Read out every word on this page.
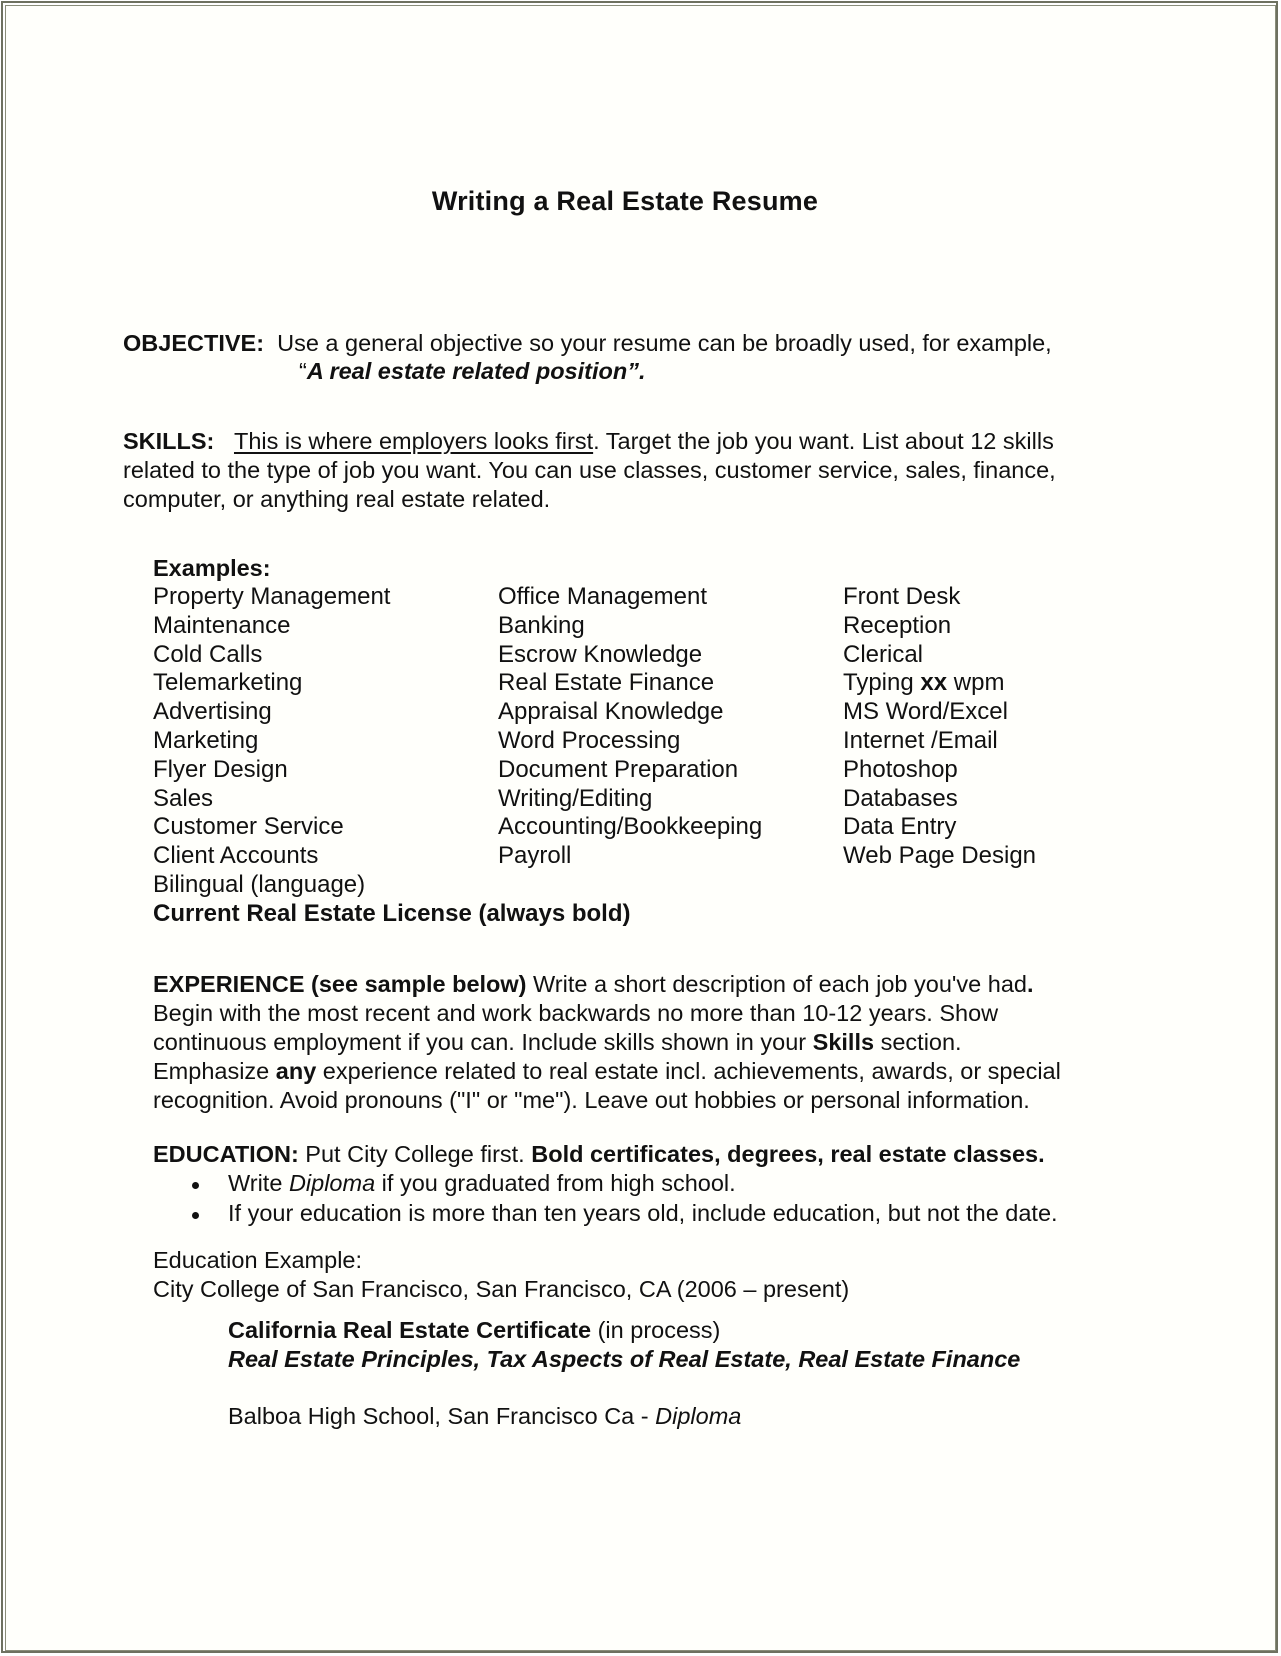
Writing a Real Estate Resume
OBJECTIVE: Use a general objective so your resume can be broadly used, for example,
“A real estate related position”.
SKILLS: This is where employers looks first. Target the job you want. List about 12 skills
related to the type of job you want. You can use classes, customer service, sales, finance,
computer, or anything real estate related.
Examples:
Property Management
Maintenance
Cold Calls
Telemarketing
Advertising
Marketing
Flyer Design
Sales
Customer Service
Client Accounts
Bilingual (language)
Current Real Estate License (always bold)
Office Management
Banking
Escrow Knowledge
Real Estate Finance
Appraisal Knowledge
Word Processing
Document Preparation
Writing/Editing
Accounting/Bookkeeping
Payroll
Front Desk
Reception
Clerical
Typing xx wpm
MS Word/Excel
Internet /Email
Photoshop
Databases
Data Entry
Web Page Design
EXPERIENCE (see sample below) Write a short description of each job you've had.
Begin with the most recent and work backwards no more than 10-12 years. Show
continuous employment if you can. Include skills shown in your Skills section.
Emphasize any experience related to real estate incl. achievements, awards, or special
recognition. Avoid pronouns ("I" or "me"). Leave out hobbies or personal information.
EDUCATION: Put City College first. Bold certificates, degrees, real estate classes.
Write Diploma if you graduated from high school.
If your education is more than ten years old, include education, but not the date.
Education Example:
City College of San Francisco, San Francisco, CA (2006 – present)
California Real Estate Certificate (in process)
Real Estate Principles, Tax Aspects of Real Estate, Real Estate Finance
Balboa High School, San Francisco Ca - Diploma
